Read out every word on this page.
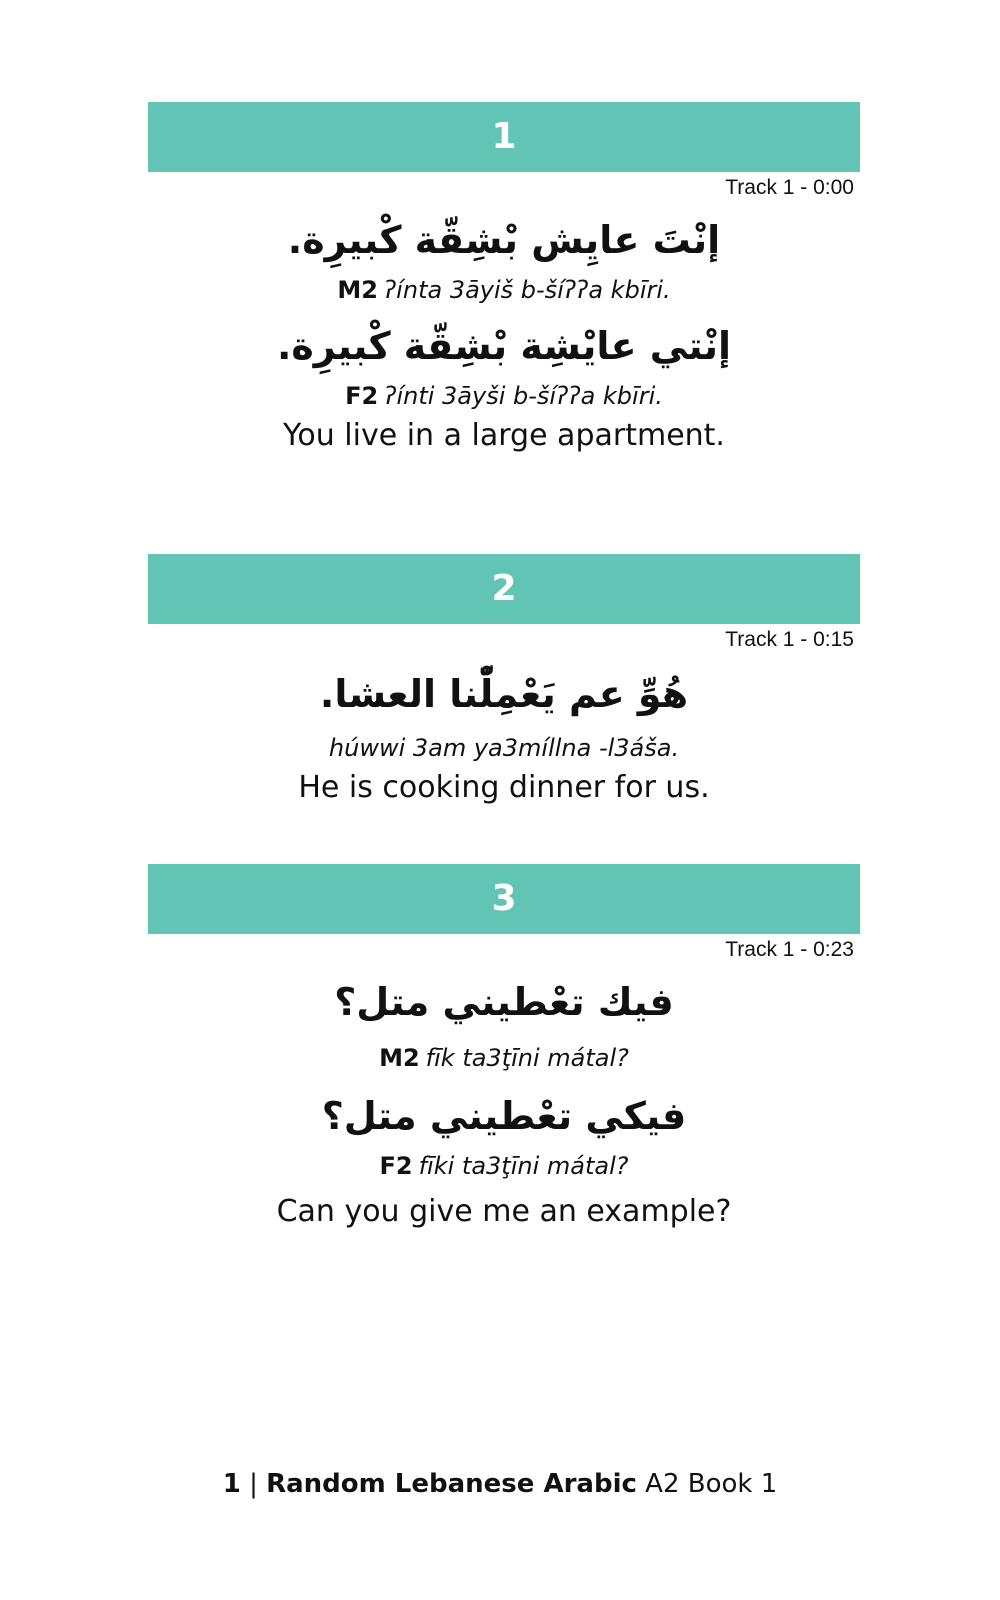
1
Track 1 - 0:00
إنْتَ عايِش بْشِقّة كْبيرِة.
M2 ʔínta 3āyiš b-šíʔʔa kbīri.
إنْتي عايْشِة بْشِقّة كْبيرِة.
F2 ʔínti 3āyši b-šíʔʔa kbīri.
You live in a large apartment.
2
Track 1 - 0:15
هُوِّ عم يَعْمِلّْنا العشا.
húwwi 3am ya3míllna -l3áša.
He is cooking dinner for us.
3
Track 1 - 0:23
فيك تعْطيني متل؟
M2 fīk ta3ţīni mátal?
فيكي تعْطيني متل؟
F2 fīki ta3ţīni mátal?
Can you give me an example?
1 | Random Lebanese Arabic A2 Book 1
